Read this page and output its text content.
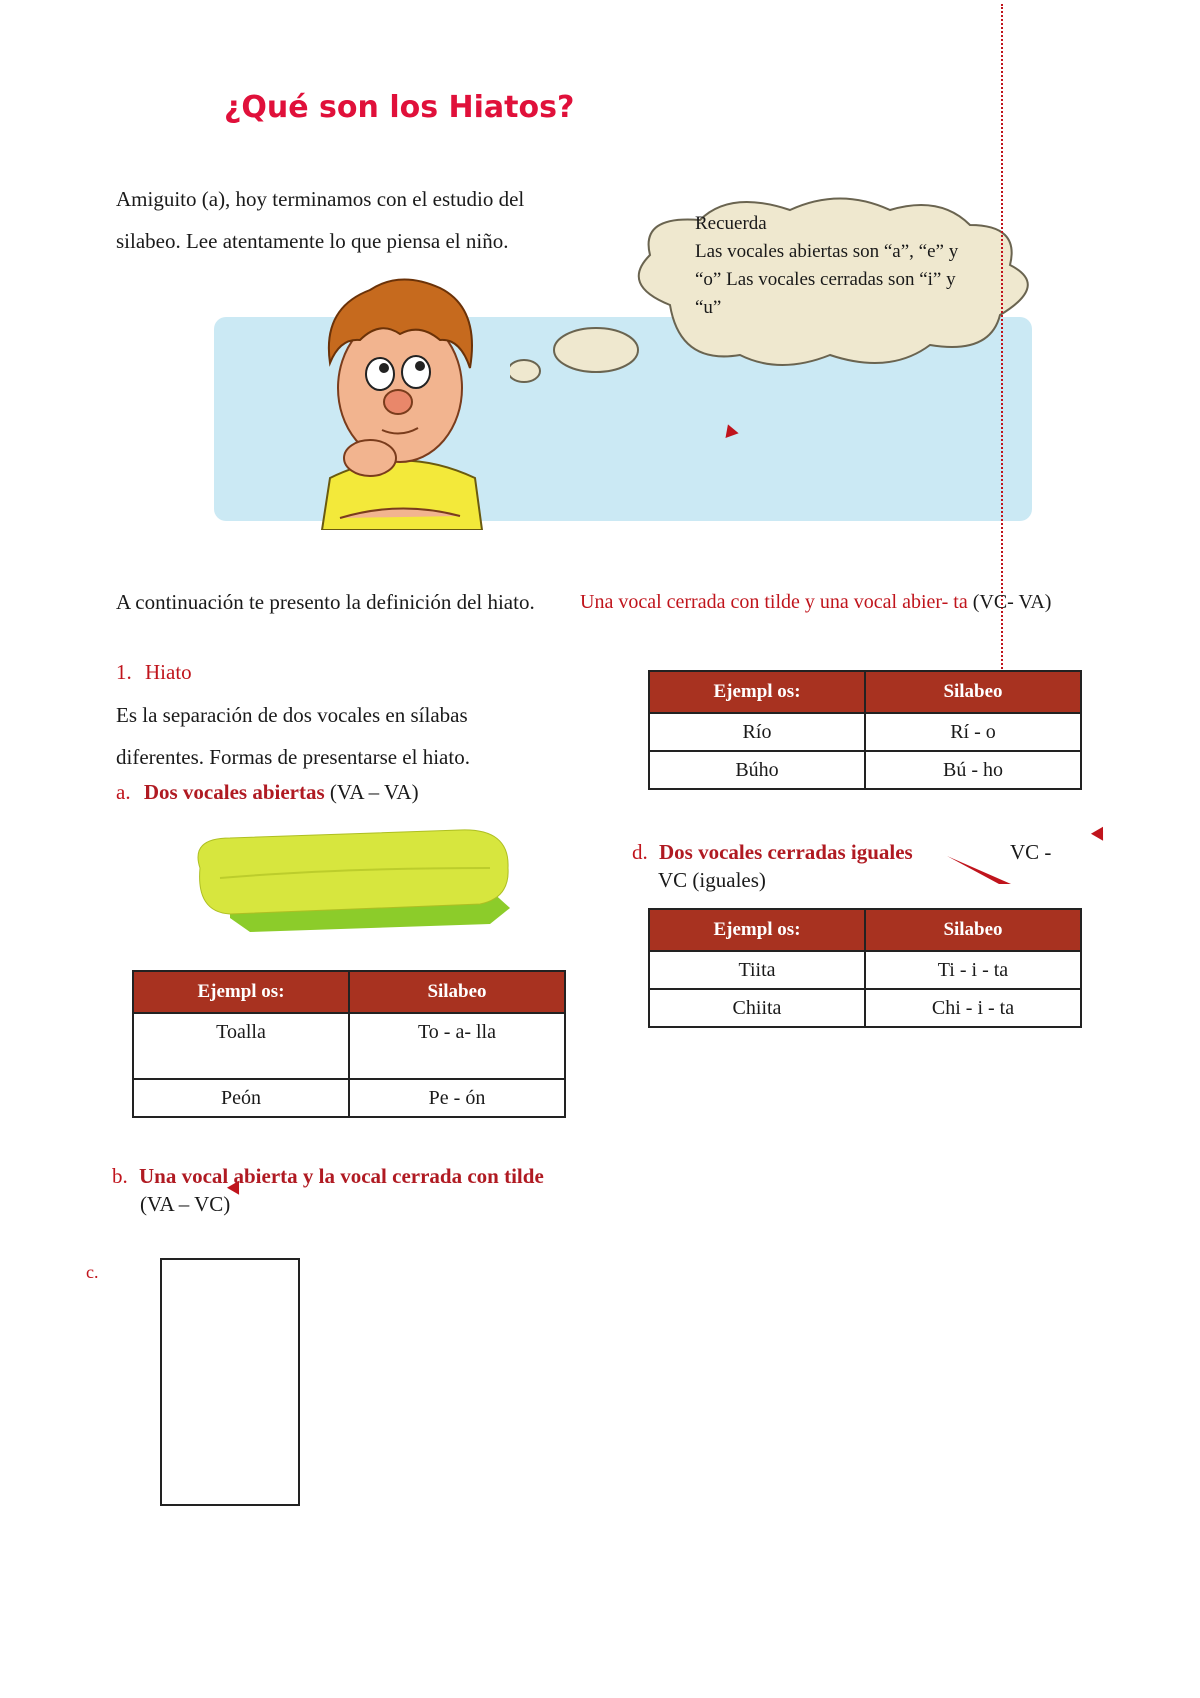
¿Qué son los Hiatos?
Amiguito (a), hoy terminamos con el estudio del
silabeo. Lee atentamente lo que piensa el niño.
Recuerda
Las vocales abiertas son “a”, “e” y
“o” Las vocales cerradas son “i” y
“u”
A continuación te presento la definición del hiato.
1. Hiato
Es la separación de dos vocales en sílabas
diferentes. Formas de presentarse el hiato.
a. Dos vocales abiertas (VA – VA)
Ejempl os:	Silabeo
Toalla	To - a- lla
Peón	Pe - ón
b. Una vocal abierta y la vocal cerrada con tilde
(VA – VC)
c.
Una vocal cerrada con tilde y una vocal abier- ta (VC- VA)
Ejempl os:	Silabeo
Río	Rí - o
Búho	Bú - ho
d. Dos vocales cerradas iguales	VC -
VC (iguales)
Ejempl os:	Silabeo
Tiita	Ti - i - ta
Chiita	Chi - i - ta
